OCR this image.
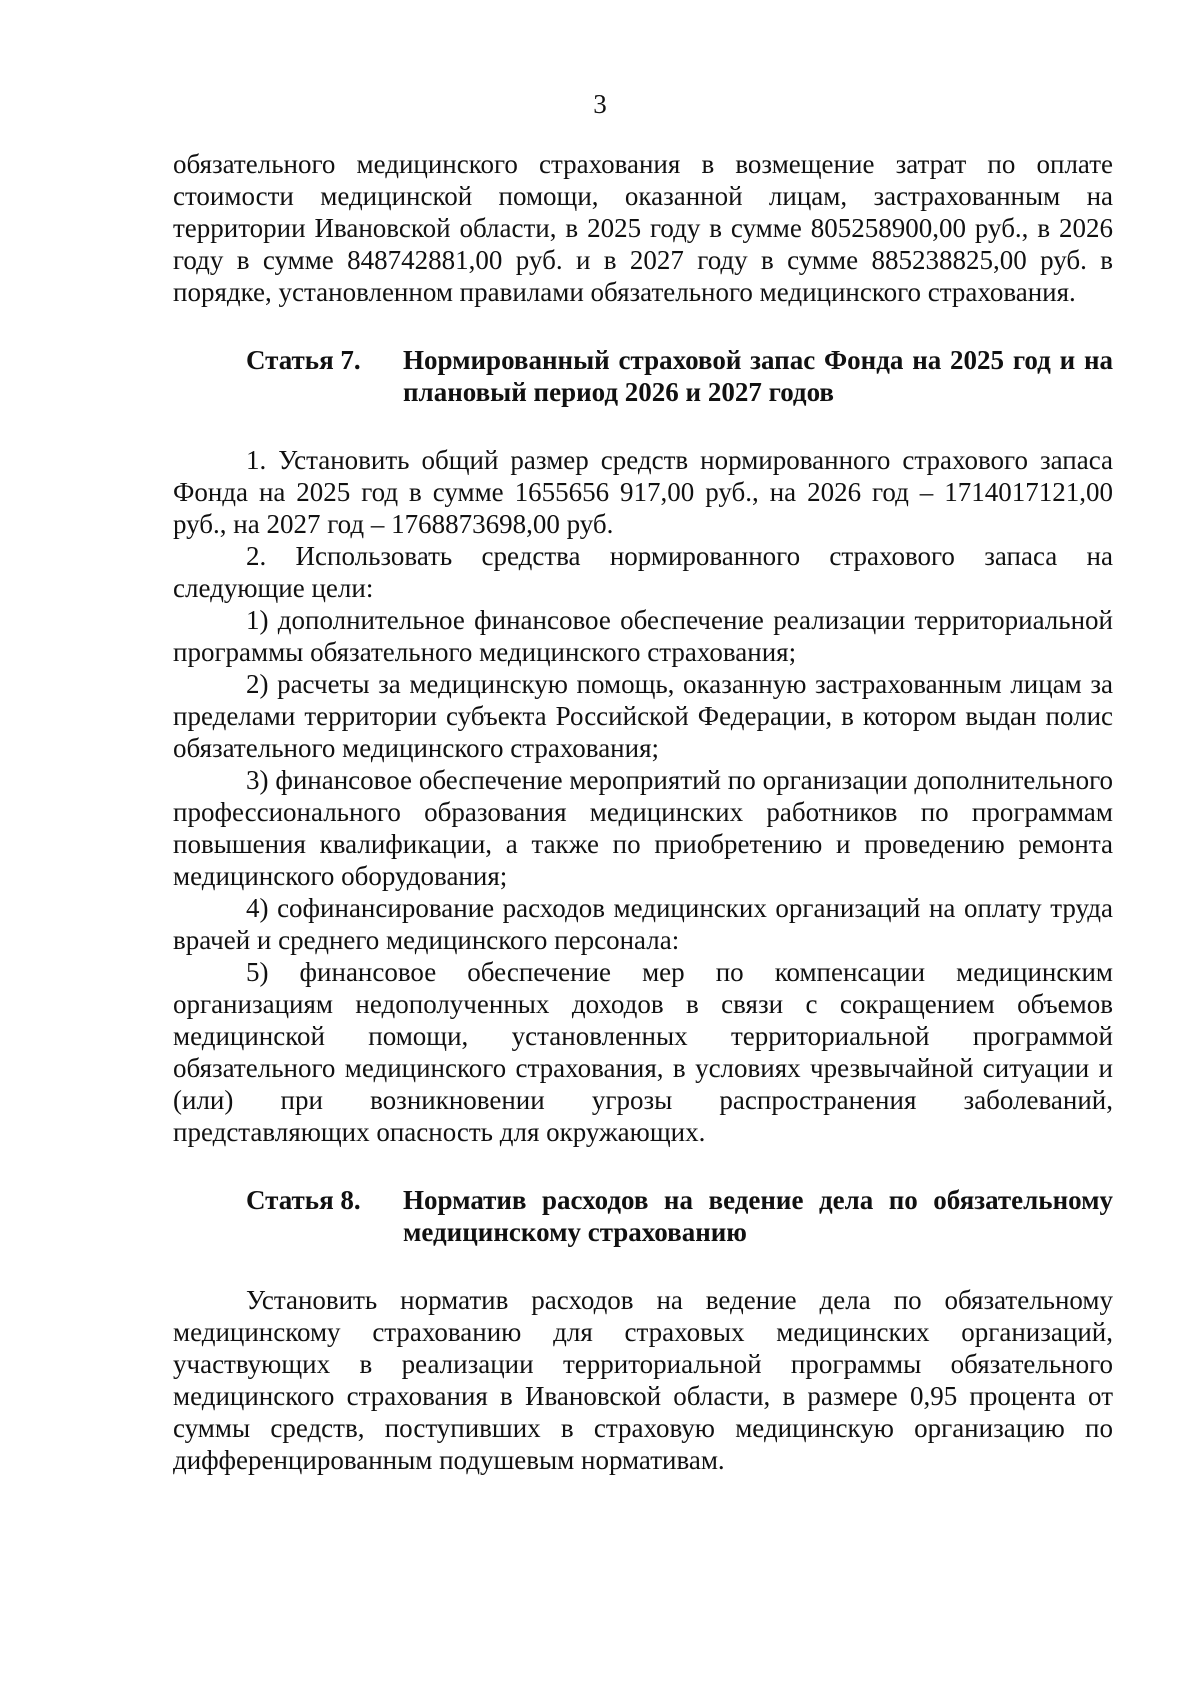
3

обязательного медицинского страхования в возмещение затрат по оплате стоимости медицинской помощи, оказанной лицам, застрахованным на территории Ивановской области, в 2025 году в сумме 805258900,00 руб., в 2026 году в сумме 848742881,00 руб. и в 2027 году в сумме 885238825,00 руб. в порядке, установленном правилами обязательного медицинского страхования.

Статья 7.	Нормированный страховой запас Фонда на 2025 год и на плановый период 2026 и 2027 годов

1. Установить общий размер средств нормированного страхового запаса Фонда на 2025 год в сумме 1655656 917,00 руб., на 2026 год – 1714017121,00 руб., на 2027 год – 1768873698,00 руб.

2. Использовать средства нормированного страхового запаса на следующие цели:

1) дополнительное финансовое обеспечение реализации территориальной программы обязательного медицинского страхования;

2) расчеты за медицинскую помощь, оказанную застрахованным лицам за пределами территории субъекта Российской Федерации, в котором выдан полис обязательного медицинского страхования;

3) финансовое обеспечение мероприятий по организации дополнительного профессионального образования медицинских работников по программам повышения квалификации, а также по приобретению и проведению ремонта медицинского оборудования;

4) софинансирование расходов медицинских организаций на оплату труда врачей и среднего медицинского персонала:

5) финансовое обеспечение мер по компенсации медицинским организациям недополученных доходов в связи с сокращением объемов медицинской помощи, установленных территориальной программой обязательного медицинского страхования, в условиях чрезвычайной ситуации и (или) при возникновении угрозы распространения заболеваний, представляющих опасность для окружающих.

Статья 8.	Норматив расходов на ведение дела по обязательному медицинскому страхованию

Установить норматив расходов на ведение дела по обязательному медицинскому страхованию для страховых медицинских организаций, участвующих в реализации территориальной программы обязательного медицинского страхования в Ивановской области, в размере 0,95 процента от суммы средств, поступивших в страховую медицинскую организацию по дифференцированным подушевым нормативам.
